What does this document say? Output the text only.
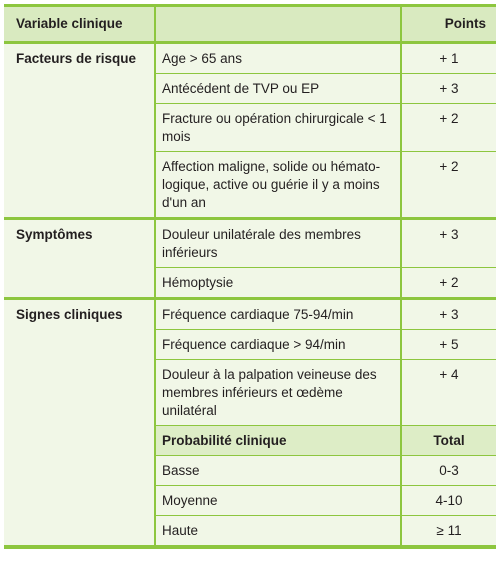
Variable clinique		Points
Facteurs de risque	Age > 65 ans	+ 1
	Antécédent de TVP ou EP	+ 3
	Fracture ou opération chirurgicale < 1 mois	+ 2
	Affection maligne, solide ou hémato-logique, active ou guérie il y a moins d'un an	+ 2
Symptômes	Douleur unilatérale des membres inférieurs	+ 3
	Hémoptysie	+ 2
Signes cliniques	Fréquence cardiaque 75-94/min	+ 3
	Fréquence cardiaque > 94/min	+ 5
	Douleur à la palpation veineuse des membres inférieurs et œdème unilatéral	+ 4
	Probabilité clinique	Total
	Basse	0-3
	Moyenne	4-10
	Haute	≥ 11
